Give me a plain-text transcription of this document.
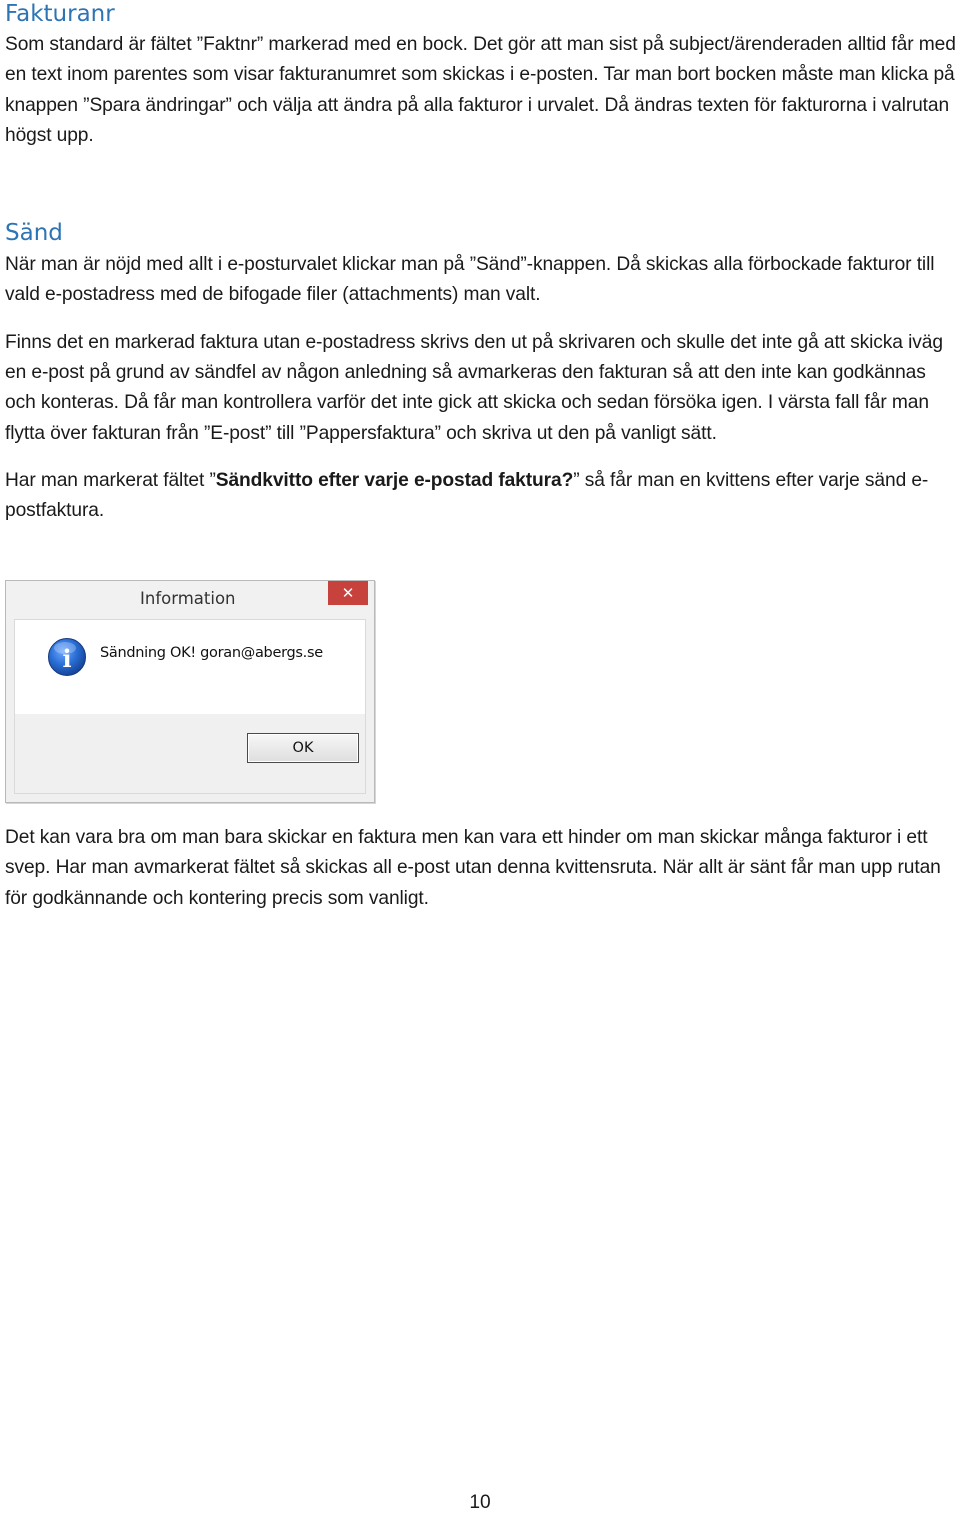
Fakturanr

Som standard är fältet ”Faktnr” markerad med en bock. Det gör att man sist på subject/ärenderaden alltid får med en text inom parentes som visar fakturanumret som skickas i e-posten. Tar man bort bocken måste man klicka på knappen ”Spara ändringar” och välja att ändra på alla fakturor i urvalet. Då ändras texten för fakturorna i valrutan högst upp.

Sänd

När man är nöjd med allt i e-posturvalet klickar man på ”Sänd”-knappen. Då skickas alla förbockade fakturor till vald e-postadress med de bifogade filer (attachments) man valt.

Finns det en markerad faktura utan e-postadress skrivs den ut på skrivaren och skulle det inte gå att skicka iväg en e-post på grund av sändfel av någon anledning så avmarkeras den fakturan så att den inte kan godkännas och konteras. Då får man kontrollera varför det inte gick att skicka och sedan försöka igen. I värsta fall får man flytta över fakturan från ”E-post” till ”Pappersfaktura” och skriva ut den på vanligt sätt.

Har man markerat fältet ”Sändkvitto efter varje e-postad faktura?” så får man en kvittens efter varje sänd e-postfaktura.

Det kan vara bra om man bara skickar en faktura men kan vara ett hinder om man skickar många fakturor i ett svep. Har man avmarkerat fältet så skickas all e-post utan denna kvittensruta. När allt är sänt får man upp rutan för godkännande och kontering precis som vanligt.

Information	✕
i Sändning OK! goran@abergs.se
OK
10
